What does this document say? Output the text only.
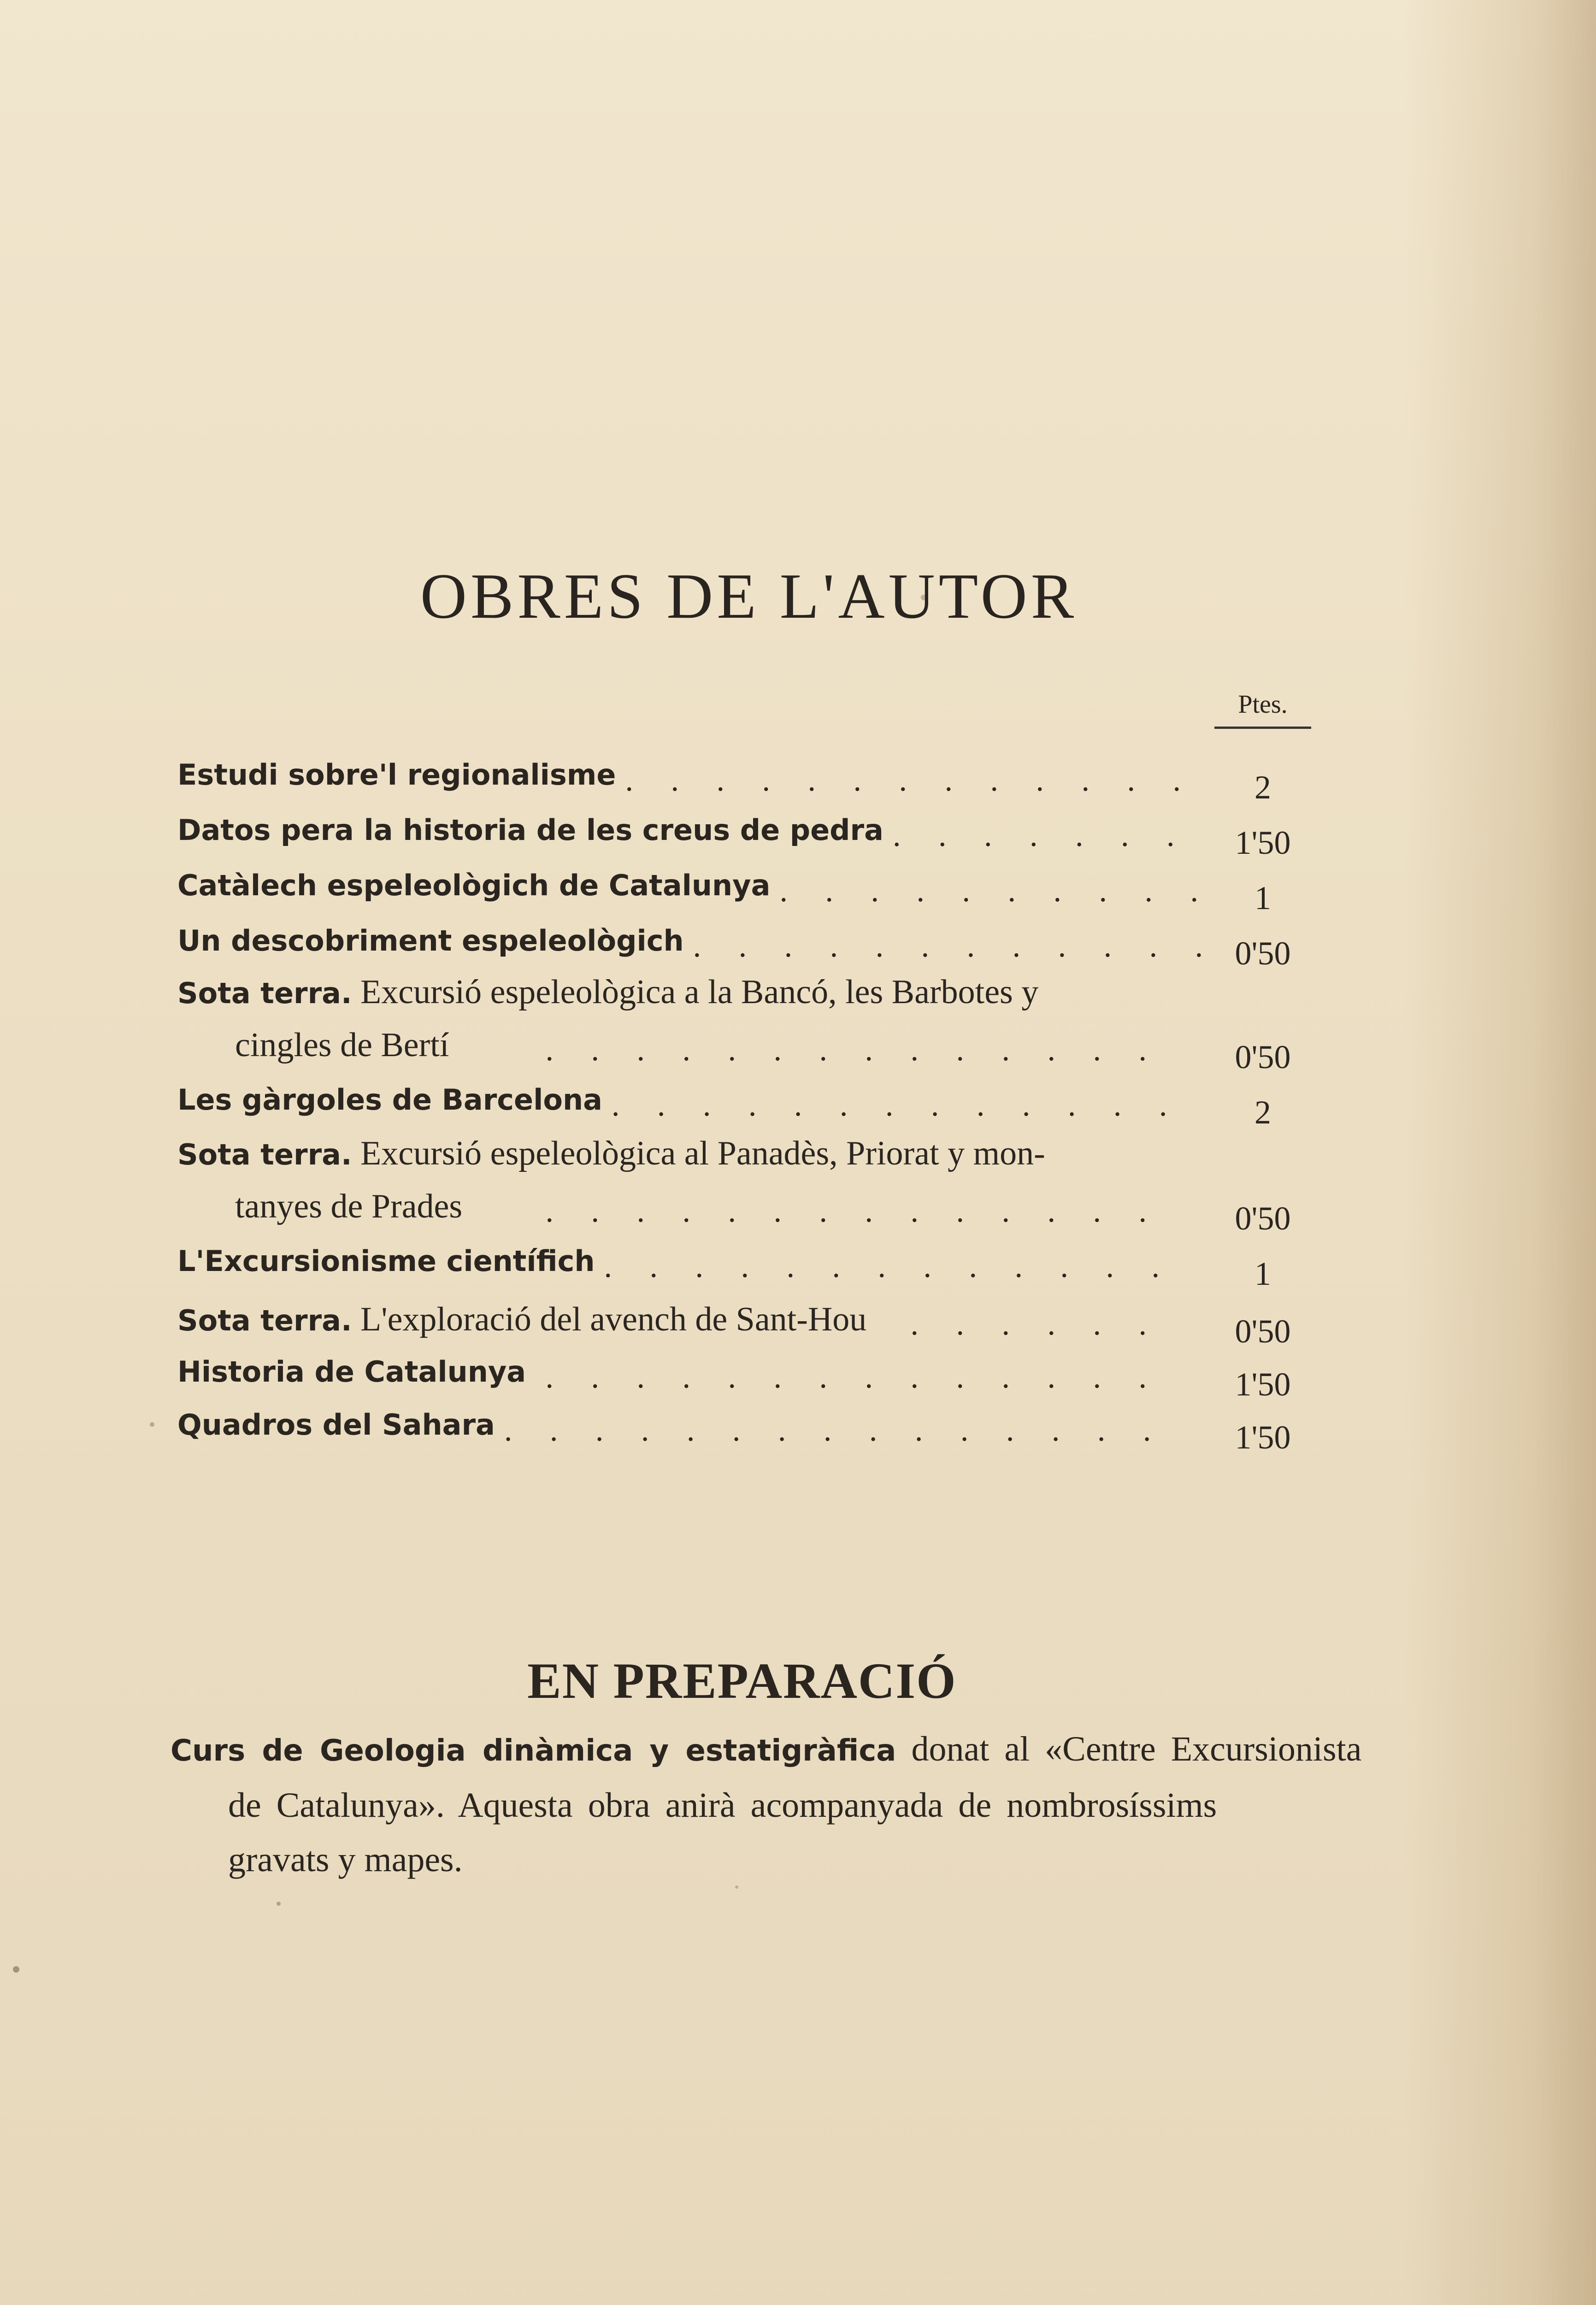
OBRES DE L'AUTOR
Ptes.
Estudi sobre'l regionalisme . . . . . . . . . . . . .	2
Datos pera la historia de les creus de pedra . . . . . . .	1'50
Catàlech espeleològich de Catalunya . . . . . . . . . .	1
Un descobriment espeleològich . . . . . . . . . . . . 0'50
Sota terra. Excursió espeleològica a la Bancó, les Barbotes y
cingles de Bertí	. . . . . . . . . . . . . .	0'50
Les gàrgoles de Barcelona . . . . . . . . . . . . .	2
Sota terra. Excursió espeleològica al Panadès, Priorat y mon-
tanyes de Prades	. . . . . . . . . . . . . .	0'50
L'Excursionisme científich . . . . . . . . . . . . .	1
Sota terra. L'exploració del avench de Sant-Hou	. . . . . .	0'50
Historia de Catalunya . . . . . . . . . . . . . .	1'50
Quadros del Sahara . . . . . . . . . . . . . . .	1'50
EN PREPARACIÓ
Curs de Geologia dinàmica y estatigràfica donat al «Centre Excursionista
de Catalunya». Aquesta obra anirà acompanyada de nombrosíssims
gravats y mapes.
